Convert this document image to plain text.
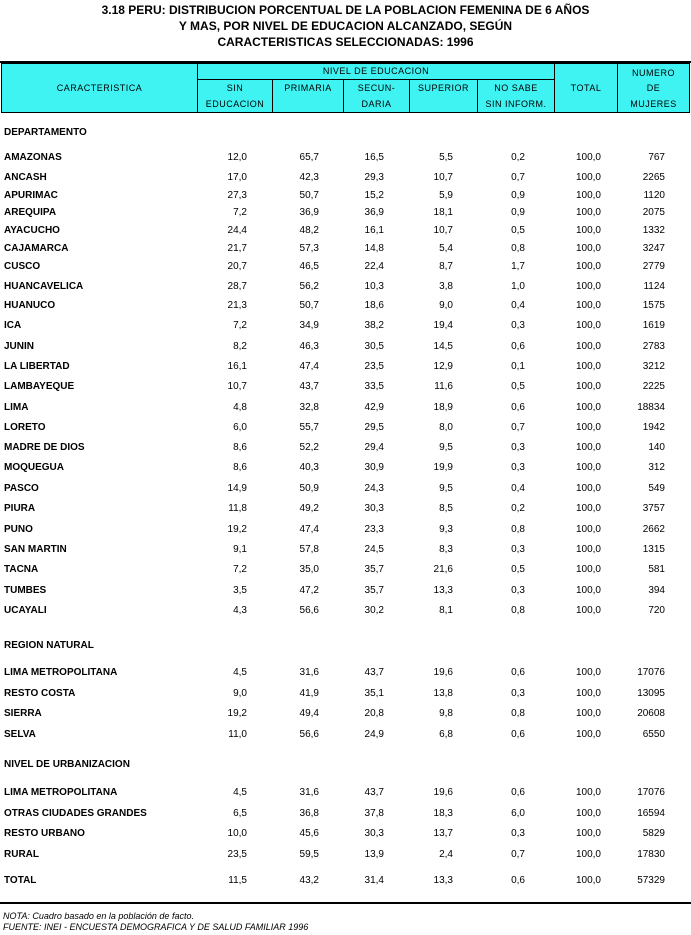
3.18 PERU: DISTRIBUCION PORCENTUAL DE LA POBLACION FEMENINA DE 6 AÑOS
Y MAS, POR NIVEL DE EDUCACION ALCANZADO, SEGÚN
CARACTERISTICAS SELECCIONADAS: 1996
CARACTERISTICA
NIVEL DE EDUCACION
SIN
EDUCACION
PRIMARIA	SECUN-
DARIA
SUPERIOR	NO SABE
SIN INFORM.
TOTAL
NUMERO
DE
MUJERES
DEPARTAMENTO
REGION NATURAL
NIVEL DE URBANIZACION
AMAZONAS	12,0	65,7	16,5	5,5	0,2	100,0	767
ANCASH	17,0	42,3	29,3	10,7	0,7	100,0	2265
APURIMAC	27,3	50,7	15,2	5,9	0,9	100,0	1120
AREQUIPA	7,2	36,9	36,9	18,1	0,9	100,0	2075
AYACUCHO	24,4	48,2	16,1	10,7	0,5	100,0	1332
CAJAMARCA	21,7	57,3	14,8	5,4	0,8	100,0	3247
CUSCO	20,7	46,5	22,4	8,7	1,7	100,0	2779
HUANCAVELICA	28,7	56,2	10,3	3,8	1,0	100,0	1124
HUANUCO	21,3	50,7	18,6	9,0	0,4	100,0	1575
ICA	7,2	34,9	38,2	19,4	0,3	100,0	1619
JUNIN	8,2	46,3	30,5	14,5	0,6	100,0	2783
LA LIBERTAD	16,1	47,4	23,5	12,9	0,1	100,0	3212
LAMBAYEQUE	10,7	43,7	33,5	11,6	0,5	100,0	2225
LIMA	4,8	32,8	42,9	18,9	0,6	100,0	18834
LORETO	6,0	55,7	29,5	8,0	0,7	100,0	1942
MADRE DE DIOS	8,6	52,2	29,4	9,5	0,3	100,0	140
MOQUEGUA	8,6	40,3	30,9	19,9	0,3	100,0	312
PASCO	14,9	50,9	24,3	9,5	0,4	100,0	549
PIURA	11,8	49,2	30,3	8,5	0,2	100,0	3757
PUNO	19,2	47,4	23,3	9,3	0,8	100,0	2662
SAN MARTIN	9,1	57,8	24,5	8,3	0,3	100,0	1315
TACNA	7,2	35,0	35,7	21,6	0,5	100,0	581
TUMBES	3,5	47,2	35,7	13,3	0,3	100,0	394
UCAYALI	4,3	56,6	30,2	8,1	0,8	100,0	720
LIMA METROPOLITANA	4,5	31,6	43,7	19,6	0,6	100,0	17076
RESTO COSTA	9,0	41,9	35,1	13,8	0,3	100,0	13095
SIERRA	19,2	49,4	20,8	9,8	0,8	100,0	20608
SELVA	11,0	56,6	24,9	6,8	0,6	100,0	6550
LIMA METROPOLITANA	4,5	31,6	43,7	19,6	0,6	100,0	17076
OTRAS CIUDADES GRANDES	6,5	36,8	37,8	18,3	6,0	100,0	16594
RESTO URBANO	10,0	45,6	30,3	13,7	0,3	100,0	5829
RURAL	23,5	59,5	13,9	2,4	0,7	100,0	17830
TOTAL	11,5	43,2	31,4	13,3	0,6	100,0	57329
NOTA: Cuadro basado en la población de facto.
FUENTE: INEI - ENCUESTA DEMOGRAFICA Y DE SALUD FAMILIAR 1996
